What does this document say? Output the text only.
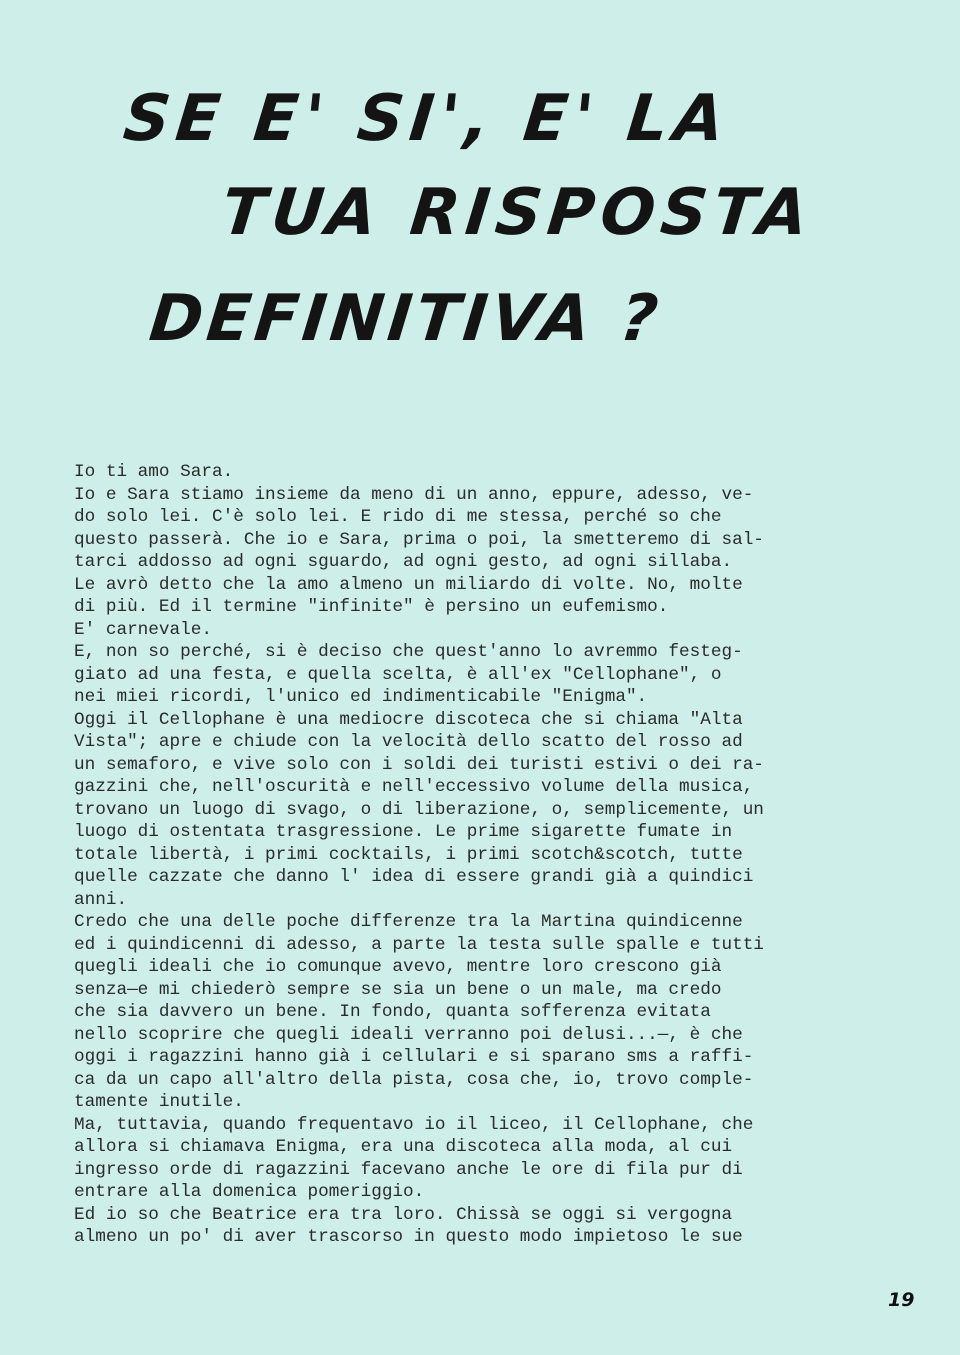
SE E' SI', E' LA
TUA RISPOSTA
DEFINITIVA ?
Io ti amo Sara.
Io e Sara stiamo insieme da meno di un anno, eppure, adesso, ve-
do solo lei. C'è solo lei. E rido di me stessa, perché so che
questo passerà. Che io e Sara, prima o poi, la smetteremo di sal-
tarci addosso ad ogni sguardo, ad ogni gesto, ad ogni sillaba.
Le avrò detto che la amo almeno un miliardo di volte. No, molte
di più. Ed il termine "infinite" è persino un eufemismo.
E' carnevale.
E, non so perché, si è deciso che quest'anno lo avremmo festeg-
giato ad una festa, e quella scelta, è all'ex "Cellophane", o
nei miei ricordi, l'unico ed indimenticabile "Enigma".
Oggi il Cellophane è una mediocre discoteca che si chiama "Alta
Vista"; apre e chiude con la velocità dello scatto del rosso ad
un semaforo, e vive solo con i soldi dei turisti estivi o dei ra-
gazzini che, nell'oscurità e nell'eccessivo volume della musica,
trovano un luogo di svago, o di liberazione, o, semplicemente, un
luogo di ostentata trasgressione. Le prime sigarette fumate in
totale libertà, i primi cocktails, i primi scotch&scotch, tutte
quelle cazzate che danno l' idea di essere grandi già a quindici
anni.
Credo che una delle poche differenze tra la Martina quindicenne
ed i quindicenni di adesso, a parte la testa sulle spalle e tutti
quegli ideali che io comunque avevo, mentre loro crescono già
senza—e mi chiederò sempre se sia un bene o un male, ma credo
che sia davvero un bene. In fondo, quanta sofferenza evitata
nello scoprire che quegli ideali verranno poi delusi...—, è che
oggi i ragazzini hanno già i cellulari e si sparano sms a raffi-
ca da un capo all'altro della pista, cosa che, io, trovo comple-
tamente inutile.
Ma, tuttavia, quando frequentavo io il liceo, il Cellophane, che
allora si chiamava Enigma, era una discoteca alla moda, al cui
ingresso orde di ragazzini facevano anche le ore di fila pur di
entrare alla domenica pomeriggio.
Ed io so che Beatrice era tra loro. Chissà se oggi si vergogna
almeno un po' di aver trascorso in questo modo impietoso le sue
19
